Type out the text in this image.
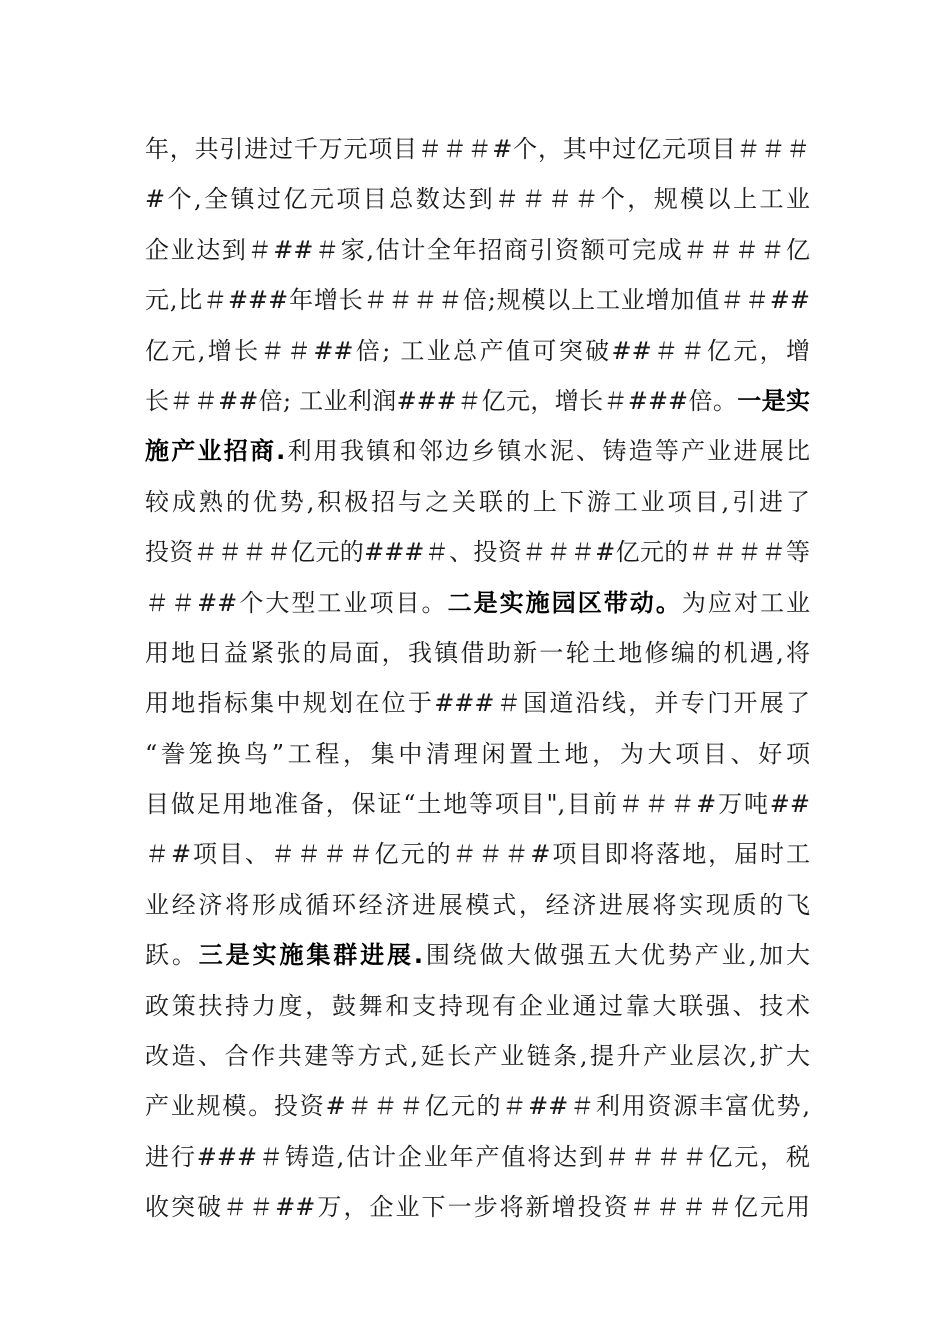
年，共引进过千万元项目＃＃＃#个，其中过亿元项目＃＃＃
#个,全镇过亿元项目总数达到＃＃＃＃个，规模以上工业
企业达到＃##＃家,估计全年招商引资额可完成＃＃＃＃亿
元,比＃###年增长＃＃＃＃倍;规模以上工业增加值＃＃##
亿元,增长＃＃##倍; 工业总产值可突破##＃＃亿元，增
长＃＃##倍; 工业利润###＃亿元，增长＃###倍。一是实
施产业招商.利用我镇和邻边乡镇水泥、铸造等产业进展比
较成熟的优势,积极招与之关联的上下游工业项目,引进了
投资＃＃＃＃亿元的###＃、投资＃＃＃#亿元的＃＃＃＃等
＃＃##个大型工业项目。二是实施园区带动。为应对工业
用地日益紧张的局面，我镇借助新一轮土地修编的机遇,将
用地指标集中规划在位于###＃国道沿线，并专门开展了
“誊笼换鸟”工程，集中清理闲置土地，为大项目、好项
目做足用地准备，保证“土地等项目",目前＃＃＃#万吨##
＃#项目、＃＃＃＃亿元的＃＃＃#项目即将落地，届时工
业经济将形成循环经济进展模式，经济进展将实现质的飞
跃。三是实施集群进展.围绕做大做强五大优势产业,加大
政策扶持力度，鼓舞和支持现有企业通过靠大联强、技术
改造、合作共建等方式,延长产业链条,提升产业层次,扩大
产业规模。投资#＃＃＃亿元的＃##＃利用资源丰富优势,
进行###＃铸造,估计企业年产值将达到＃＃＃＃亿元，税
收突破＃＃##万，企业下一步将新增投资＃＃＃＃亿元用
